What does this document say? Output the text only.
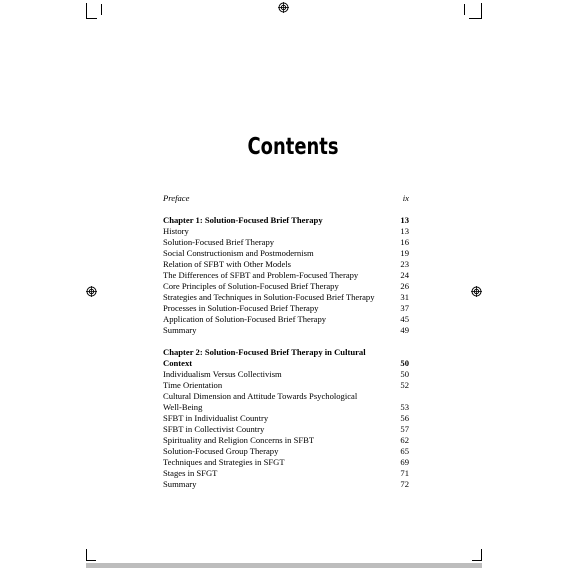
Contents
Preface	ix
Chapter 1: Solution-Focused Brief Therapy	13
History	13
Solution-Focused Brief Therapy	16
Social Constructionism and Postmodernism	19
Relation of SFBT with Other Models	23
The Differences of SFBT and Problem-Focused Therapy	24
Core Principles of Solution-Focused Brief Therapy	26
Strategies and Techniques in Solution-Focused Brief Therapy	31
Processes in Solution-Focused Brief Therapy	37
Application of Solution-Focused Brief Therapy	45
Summary	49
Chapter 2: Solution-Focused Brief Therapy in Cultural
Context	50
Individualism Versus Collectivism	50
Time Orientation	52
Cultural Dimension and Attitude Towards Psychological
Well-Being	53
SFBT in Individualist Country	56
SFBT in Collectivist Country	57
Spirituality and Religion Concerns in SFBT	62
Solution-Focused Group Therapy	65
Techniques and Strategies in SFGT	69
Stages in SFGT	71
Summary	72
